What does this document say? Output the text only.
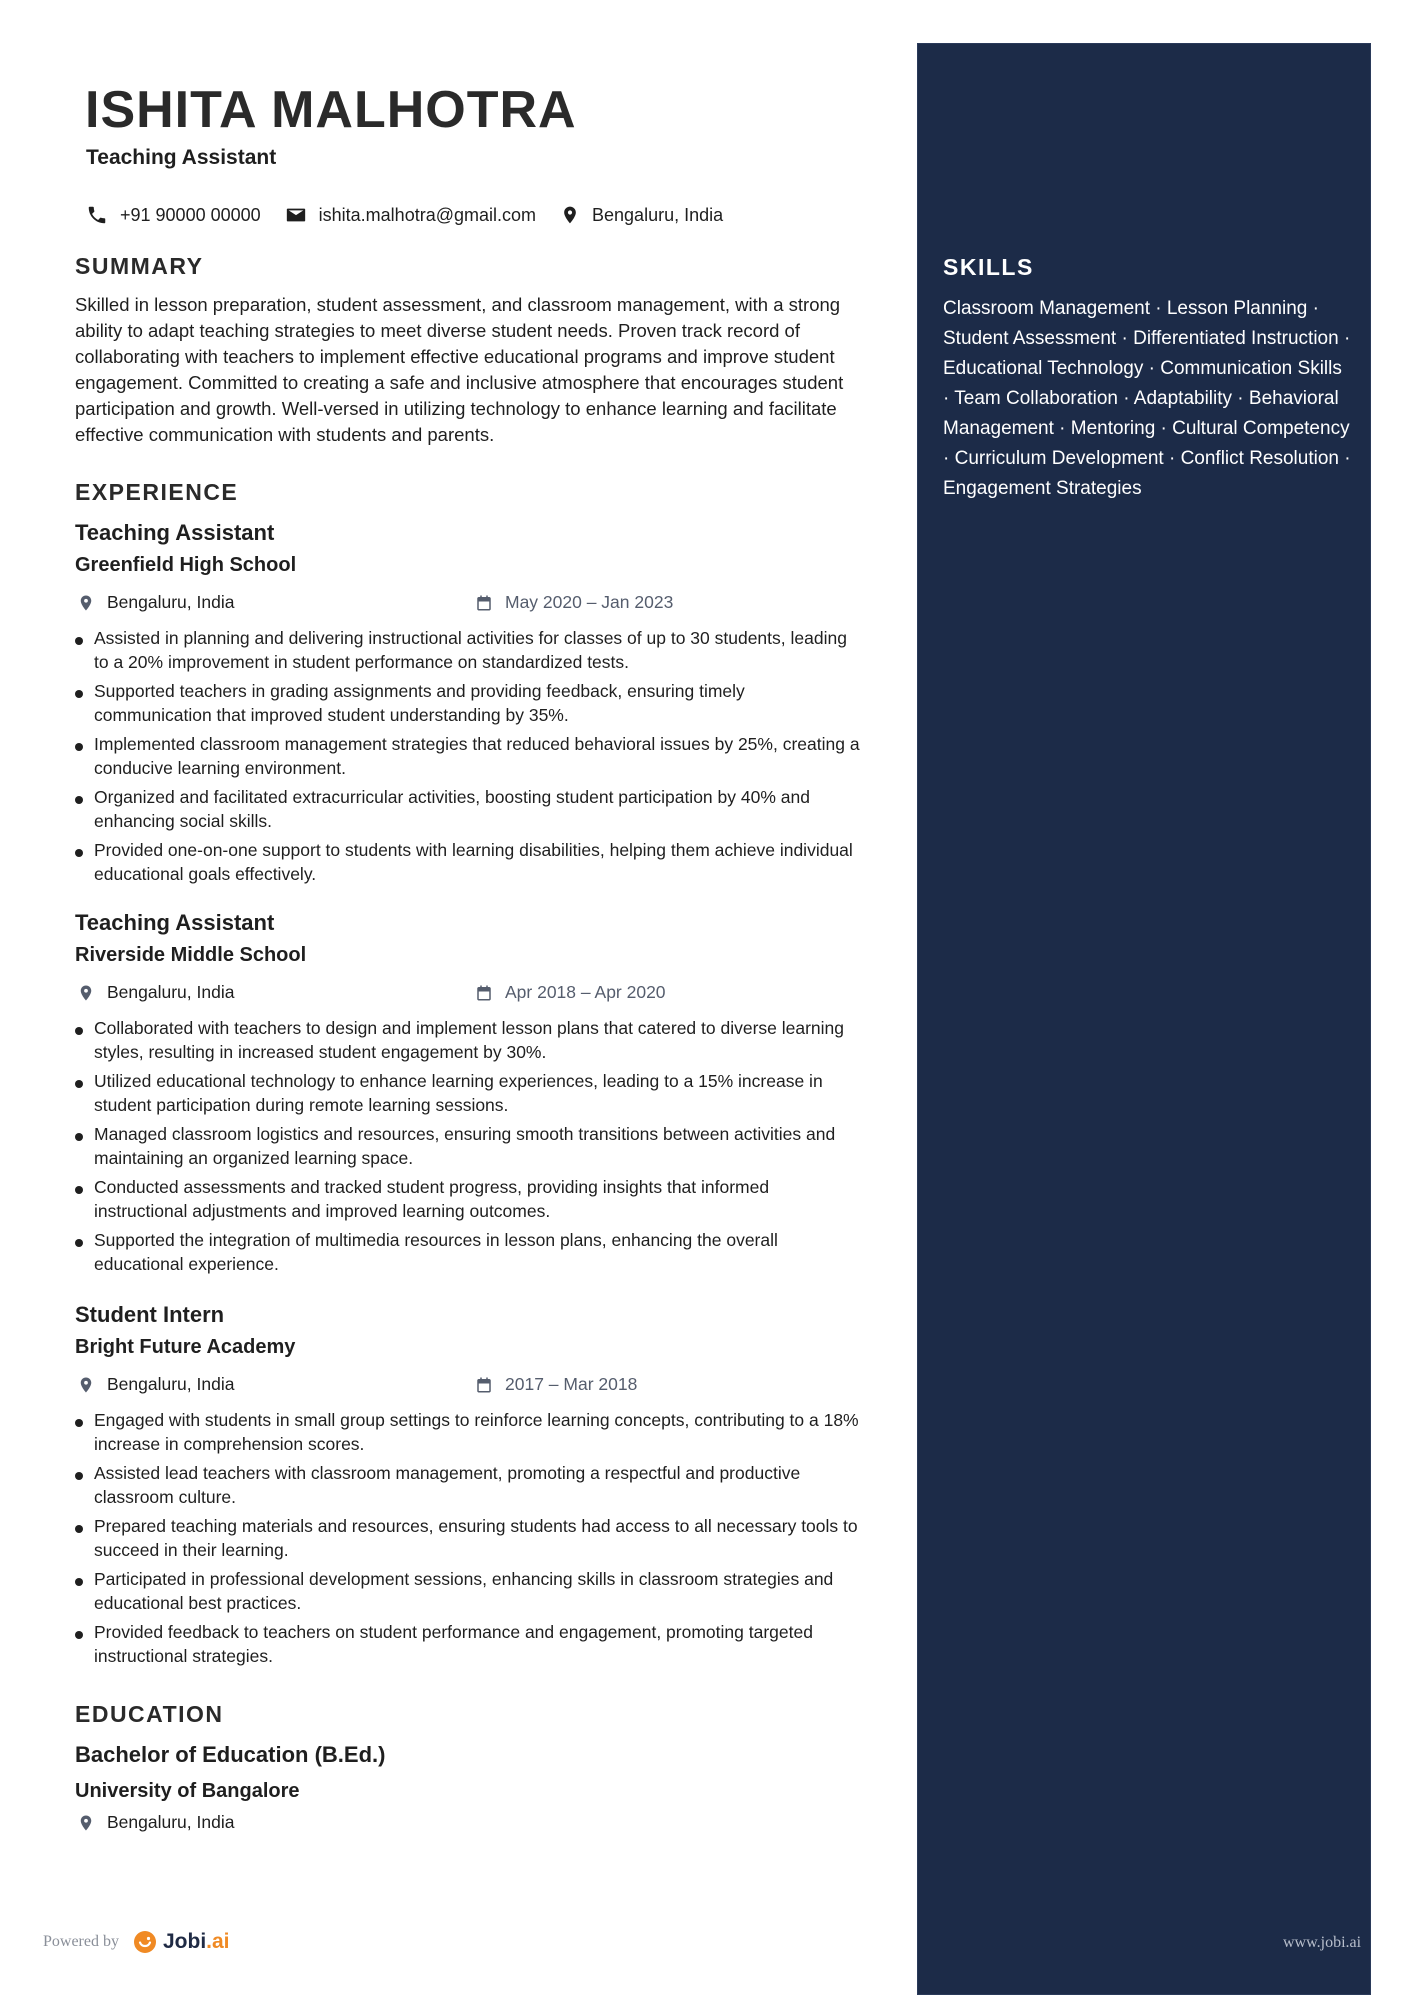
SKILLS

Classroom Management · Lesson Planning · Student Assessment · Differentiated Instruction · Educational Technology · Communication Skills · Team Collaboration · Adaptability · Behavioral Management · Mentoring · Cultural Competency · Curriculum Development · Conflict Resolution · Engagement Strategies

ISHITA MALHOTRA
Teaching Assistant
+91 90000 00000	ishita.malhotra@gmail.com	Bengaluru, India
SUMMARY

Skilled in lesson preparation, student assessment, and classroom management, with a strong ability to adapt teaching strategies to meet diverse student needs. Proven track record of collaborating with teachers to implement effective educational programs and improve student engagement. Committed to creating a safe and inclusive atmosphere that encourages student participation and growth. Well-versed in utilizing technology to enhance learning and facilitate effective communication with students and parents.

EXPERIENCE
Teaching Assistant
Greenfield High School
Bengaluru, India	May 2020 – Jan 2023
Assisted in planning and delivering instructional activities for classes of up to 30 students, leading to a 20% improvement in student performance on standardized tests.
Supported teachers in grading assignments and providing feedback, ensuring timely communication that improved student understanding by 35%.
Implemented classroom management strategies that reduced behavioral issues by 25%, creating a conducive learning environment.
Organized and facilitated extracurricular activities, boosting student participation by 40% and enhancing social skills.
Provided one-on-one support to students with learning disabilities, helping them achieve individual educational goals effectively.
Teaching Assistant
Riverside Middle School
Bengaluru, India	Apr 2018 – Apr 2020
Collaborated with teachers to design and implement lesson plans that catered to diverse learning styles, resulting in increased student engagement by 30%.
Utilized educational technology to enhance learning experiences, leading to a 15% increase in student participation during remote learning sessions.
Managed classroom logistics and resources, ensuring smooth transitions between activities and maintaining an organized learning space.
Conducted assessments and tracked student progress, providing insights that informed instructional adjustments and improved learning outcomes.
Supported the integration of multimedia resources in lesson plans, enhancing the overall educational experience.
Student Intern
Bright Future Academy
Bengaluru, India	2017 – Mar 2018
Engaged with students in small group settings to reinforce learning concepts, contributing to a 18% increase in comprehension scores.
Assisted lead teachers with classroom management, promoting a respectful and productive classroom culture.
Prepared teaching materials and resources, ensuring students had access to all necessary tools to succeed in their learning.
Participated in professional development sessions, enhancing skills in classroom strategies and educational best practices.
Provided feedback to teachers on student performance and engagement, promoting targeted instructional strategies.
EDUCATION
Bachelor of Education (B.Ed.)
University of Bangalore
Bengaluru, India
Powered by Jobi .ai	www.jobi.ai
